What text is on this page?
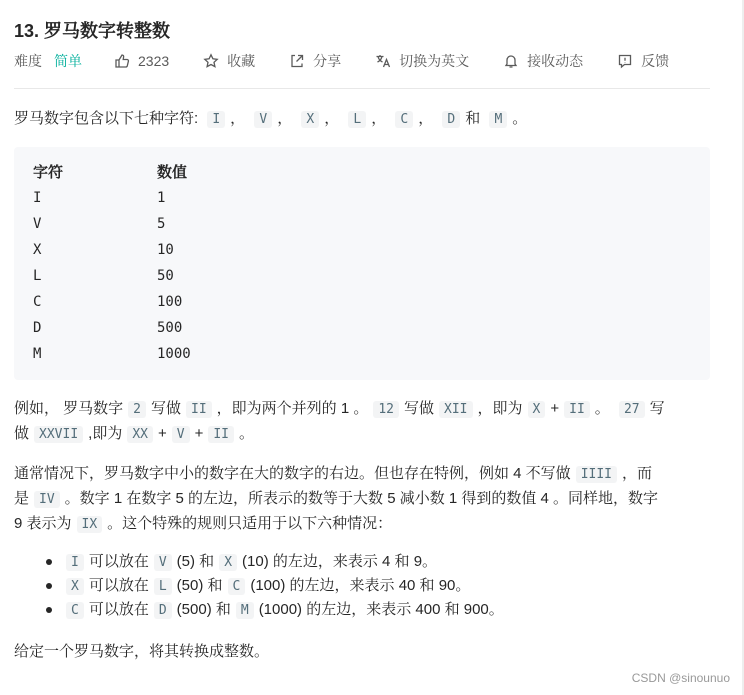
13. 罗马数字转整数
难度 简单	2323	收藏	分享	切换为英文	接收动态	反馈

罗马数字包含以下七种字符: I ， V ， X ， L ， C ， D 和 M 。

字符	数值
I	1
V	5
X	10
L	50
C	100
D	500
M	1000
例如， 罗马数字 2 写做 II ，即为两个并列的 1 。 12 写做 XII ，即为 X + II 。 27 写
做 XXVII ,即为 XX + V + II 。
通常情况下，罗马数字中小的数字在大的数字的右边。但也存在特例，例如 4 不写做 IIII ，而
是 IV 。数字 1 在数字 5 的左边，所表示的数等于大数 5 减小数 1 得到的数值 4 。同样地，数字
9 表示为 IX 。这个特殊的规则只适用于以下六种情况：
I 可以放在 V (5) 和 X (10) 的左边，来表示 4 和 9。
X 可以放在 L (50) 和 C (100) 的左边，来表示 40 和 90。
C 可以放在 D (500) 和 M (1000) 的左边，来表示 400 和 900。

给定一个罗马数字，将其转换成整数。

CSDN @sinounuo
